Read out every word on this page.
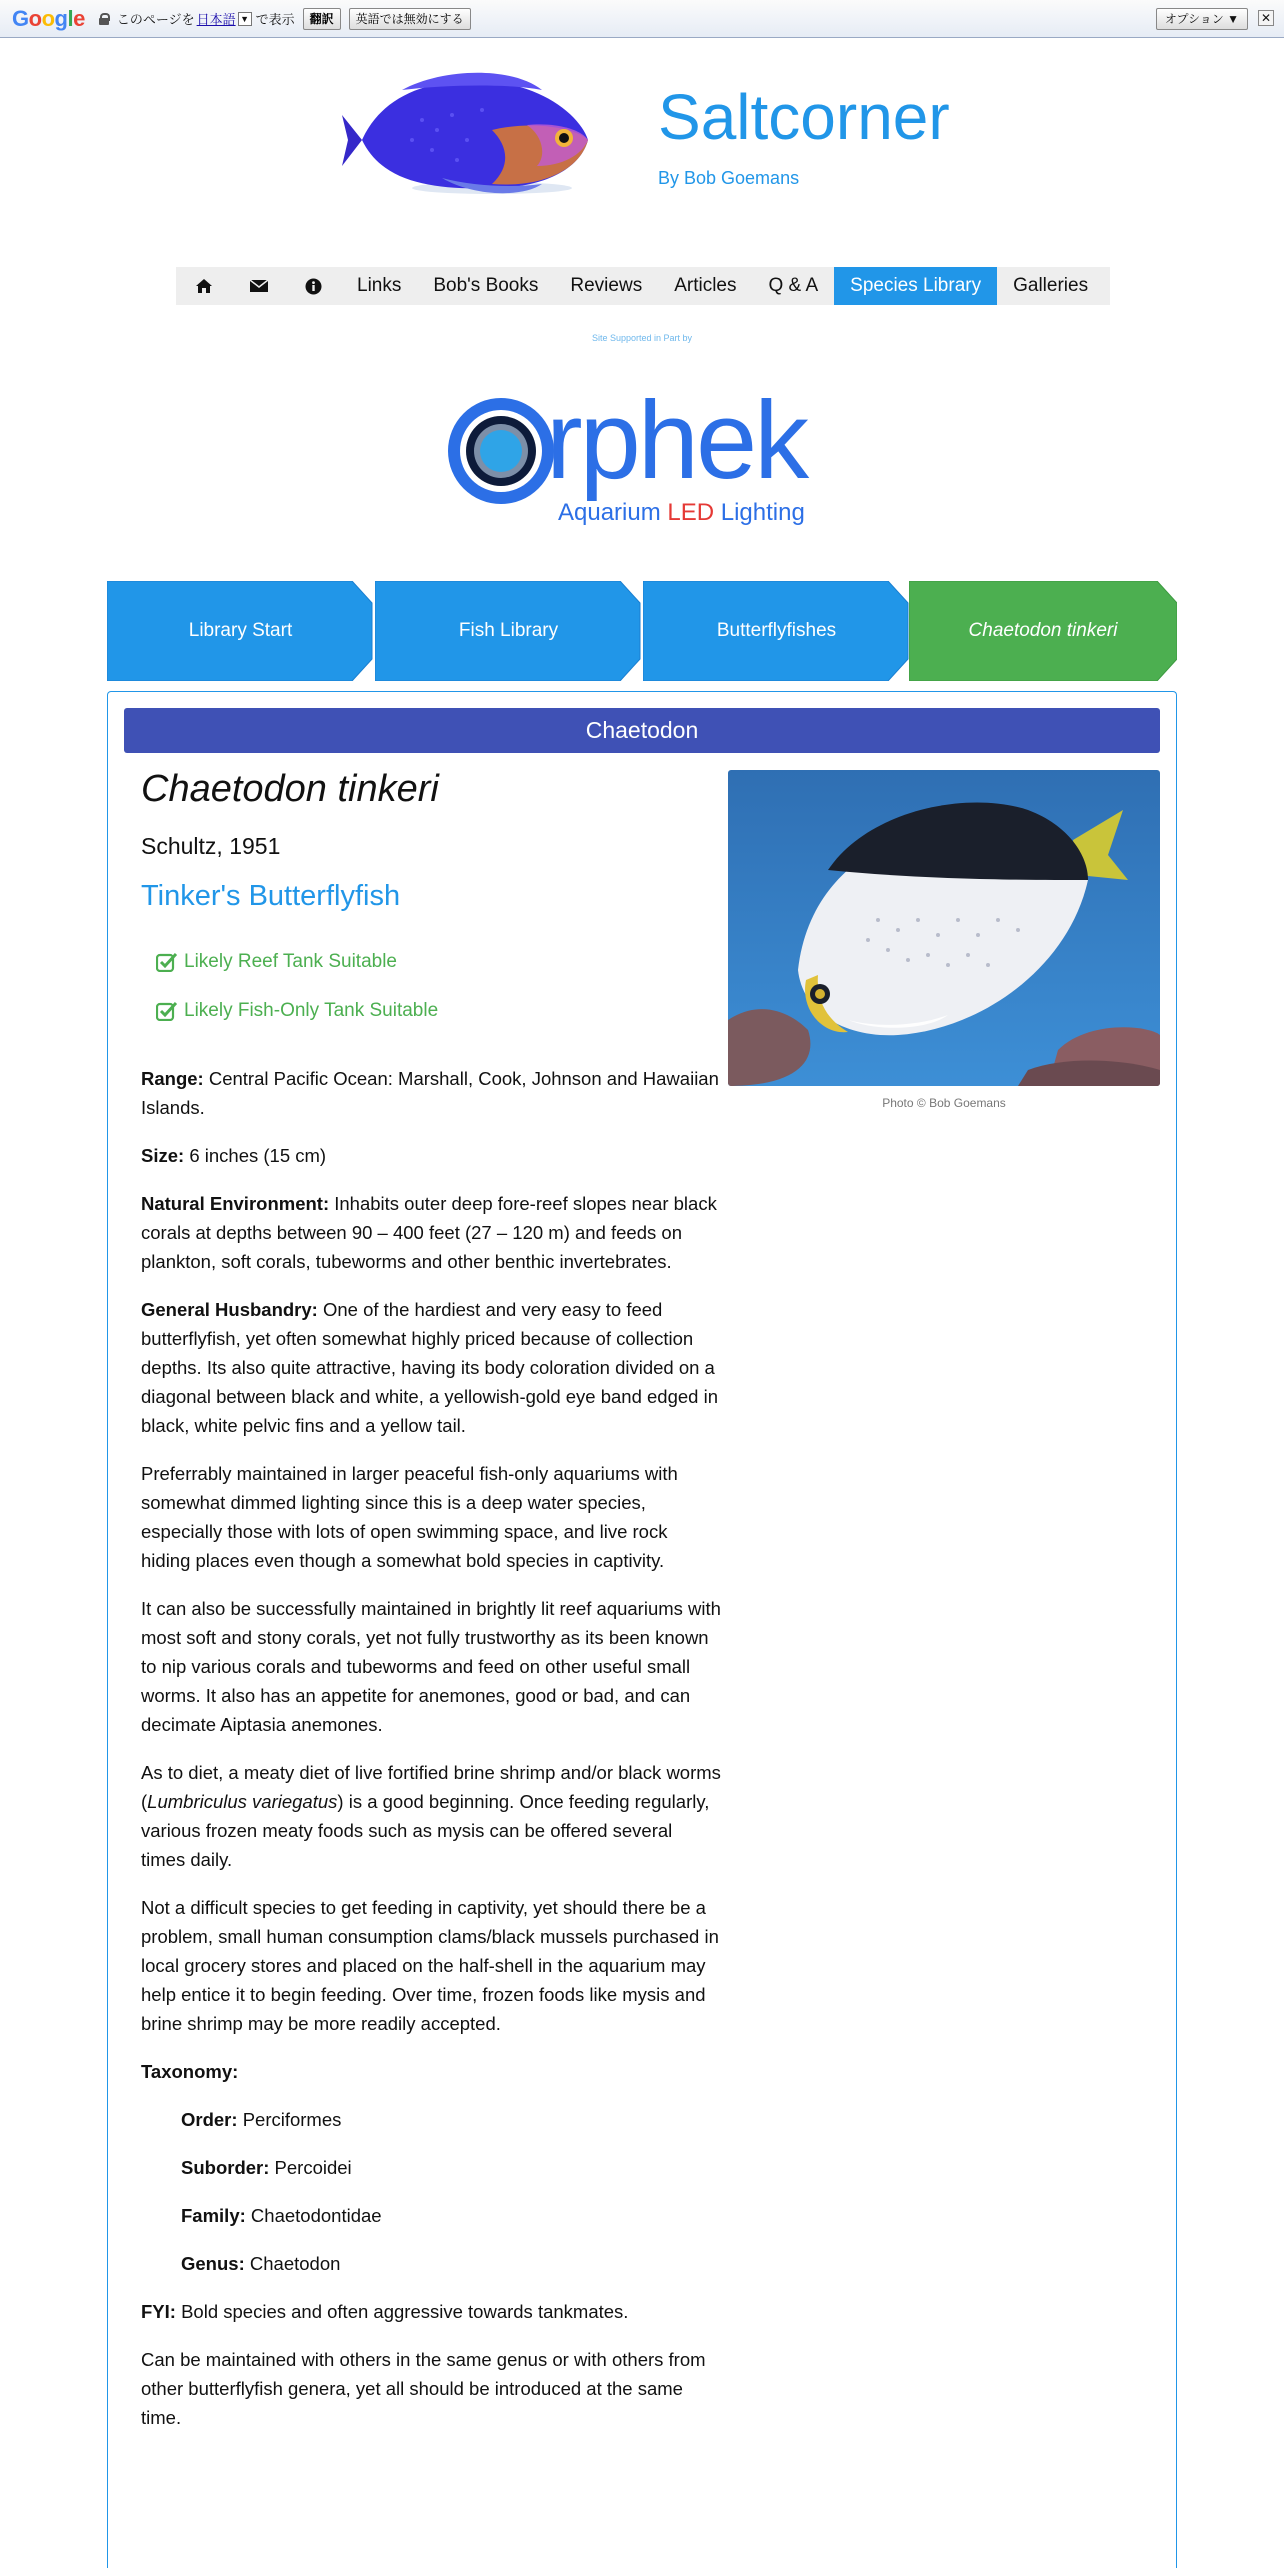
Google このページを 日本語 ▼ で表示	翻訳	英語では無効にする	オプション ▼	✕
Saltcorner
By Bob Goemans
Links	Bob's Books	Reviews	Articles	Q & A	Species Library	Galleries
Site Supported in Part by
rphek
Aquarium LED Lighting
Library Start	Fish Library	Butterflyfishes	Chaetodon tinkeri
Chaetodon
Chaetodon tinkeri
Schultz, 1951
Tinker's Butterflyfish
Likely Reef Tank Suitable
Likely Fish-Only Tank Suitable
Photo © Bob Goemans

Range: Central Pacific Ocean: Marshall, Cook, Johnson and Hawaiian Islands.

Size: 6 inches (15 cm)

Natural Environment: Inhabits outer deep fore-reef slopes near black corals at depths between 90 – 400 feet (27 – 120 m) and feeds on plankton, soft corals, tubeworms and other benthic invertebrates.

General Husbandry: One of the hardiest and very easy to feed butterflyfish, yet often somewhat highly priced because of collection depths. Its also quite attractive, having its body coloration divided on a diagonal between black and white, a yellowish-gold eye band edged in black, white pelvic fins and a yellow tail.

Preferrably maintained in larger peaceful fish-only aquariums with somewhat dimmed lighting since this is a deep water species, especially those with lots of open swimming space, and live rock hiding places even though a somewhat bold species in captivity.

It can also be successfully maintained in brightly lit reef aquariums with most soft and stony corals, yet not fully trustworthy as its been known to nip various corals and tubeworms and feed on other useful small worms. It also has an appetite for anemones, good or bad, and can decimate Aiptasia anemones.

As to diet, a meaty diet of live fortified brine shrimp and/or black worms (Lumbriculus variegatus) is a good beginning. Once feeding regularly, various frozen meaty foods such as mysis can be offered several times daily.

Not a difficult species to get feeding in captivity, yet should there be a problem, small human consumption clams/black mussels purchased in local grocery stores and placed on the half-shell in the aquarium may help entice it to begin feeding. Over time, frozen foods like mysis and brine shrimp may be more readily accepted.

Taxonomy:

Order: Perciformes

Suborder: Percoidei

Family: Chaetodontidae

Genus: Chaetodon

FYI: Bold species and often aggressive towards tankmates.

Can be maintained with others in the same genus or with others from other butterflyfish genera, yet all should be introduced at the same time.
